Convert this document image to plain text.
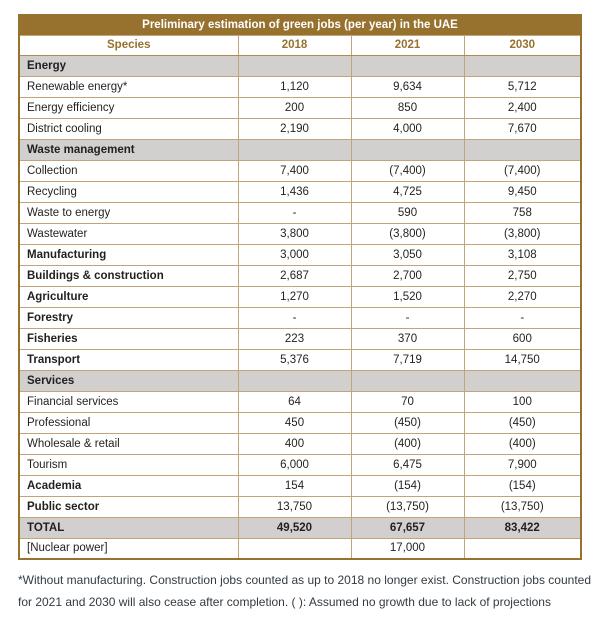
Preliminary estimation of green jobs (per year) in the UAE			
Species	2018	2021	2030
Energy			
Renewable energy*	1,120	9,634	5,712
Energy efficiency	200	850	2,400
District cooling	2,190	4,000	7,670
Waste management			
Collection	7,400	(7,400)	(7,400)
Recycling	1,436	4,725	9,450
Waste to energy	-	590	758
Wastewater	3,800	(3,800)	(3,800)
Manufacturing	3,000	3,050	3,108
Buildings & construction	2,687	2,700	2,750
Agriculture	1,270	1,520	2,270
Forestry	-	-	-
Fisheries	223	370	600
Transport	5,376	7,719	14,750
Services			
Financial services	64	70	100
Professional	450	(450)	(450)
Wholesale & retail	400	(400)	(400)
Tourism	6,000	6,475	7,900
Academia	154	(154)	(154)
Public sector	13,750	(13,750)	(13,750)
TOTAL	49,520	67,657	83,422
[Nuclear power]		17,000	

*Without manufacturing. Construction jobs counted as up to 2018 no longer exist. Construction jobs counted
for 2021 and 2030 will also cease after completion. ( ): Assumed no growth due to lack of projections
